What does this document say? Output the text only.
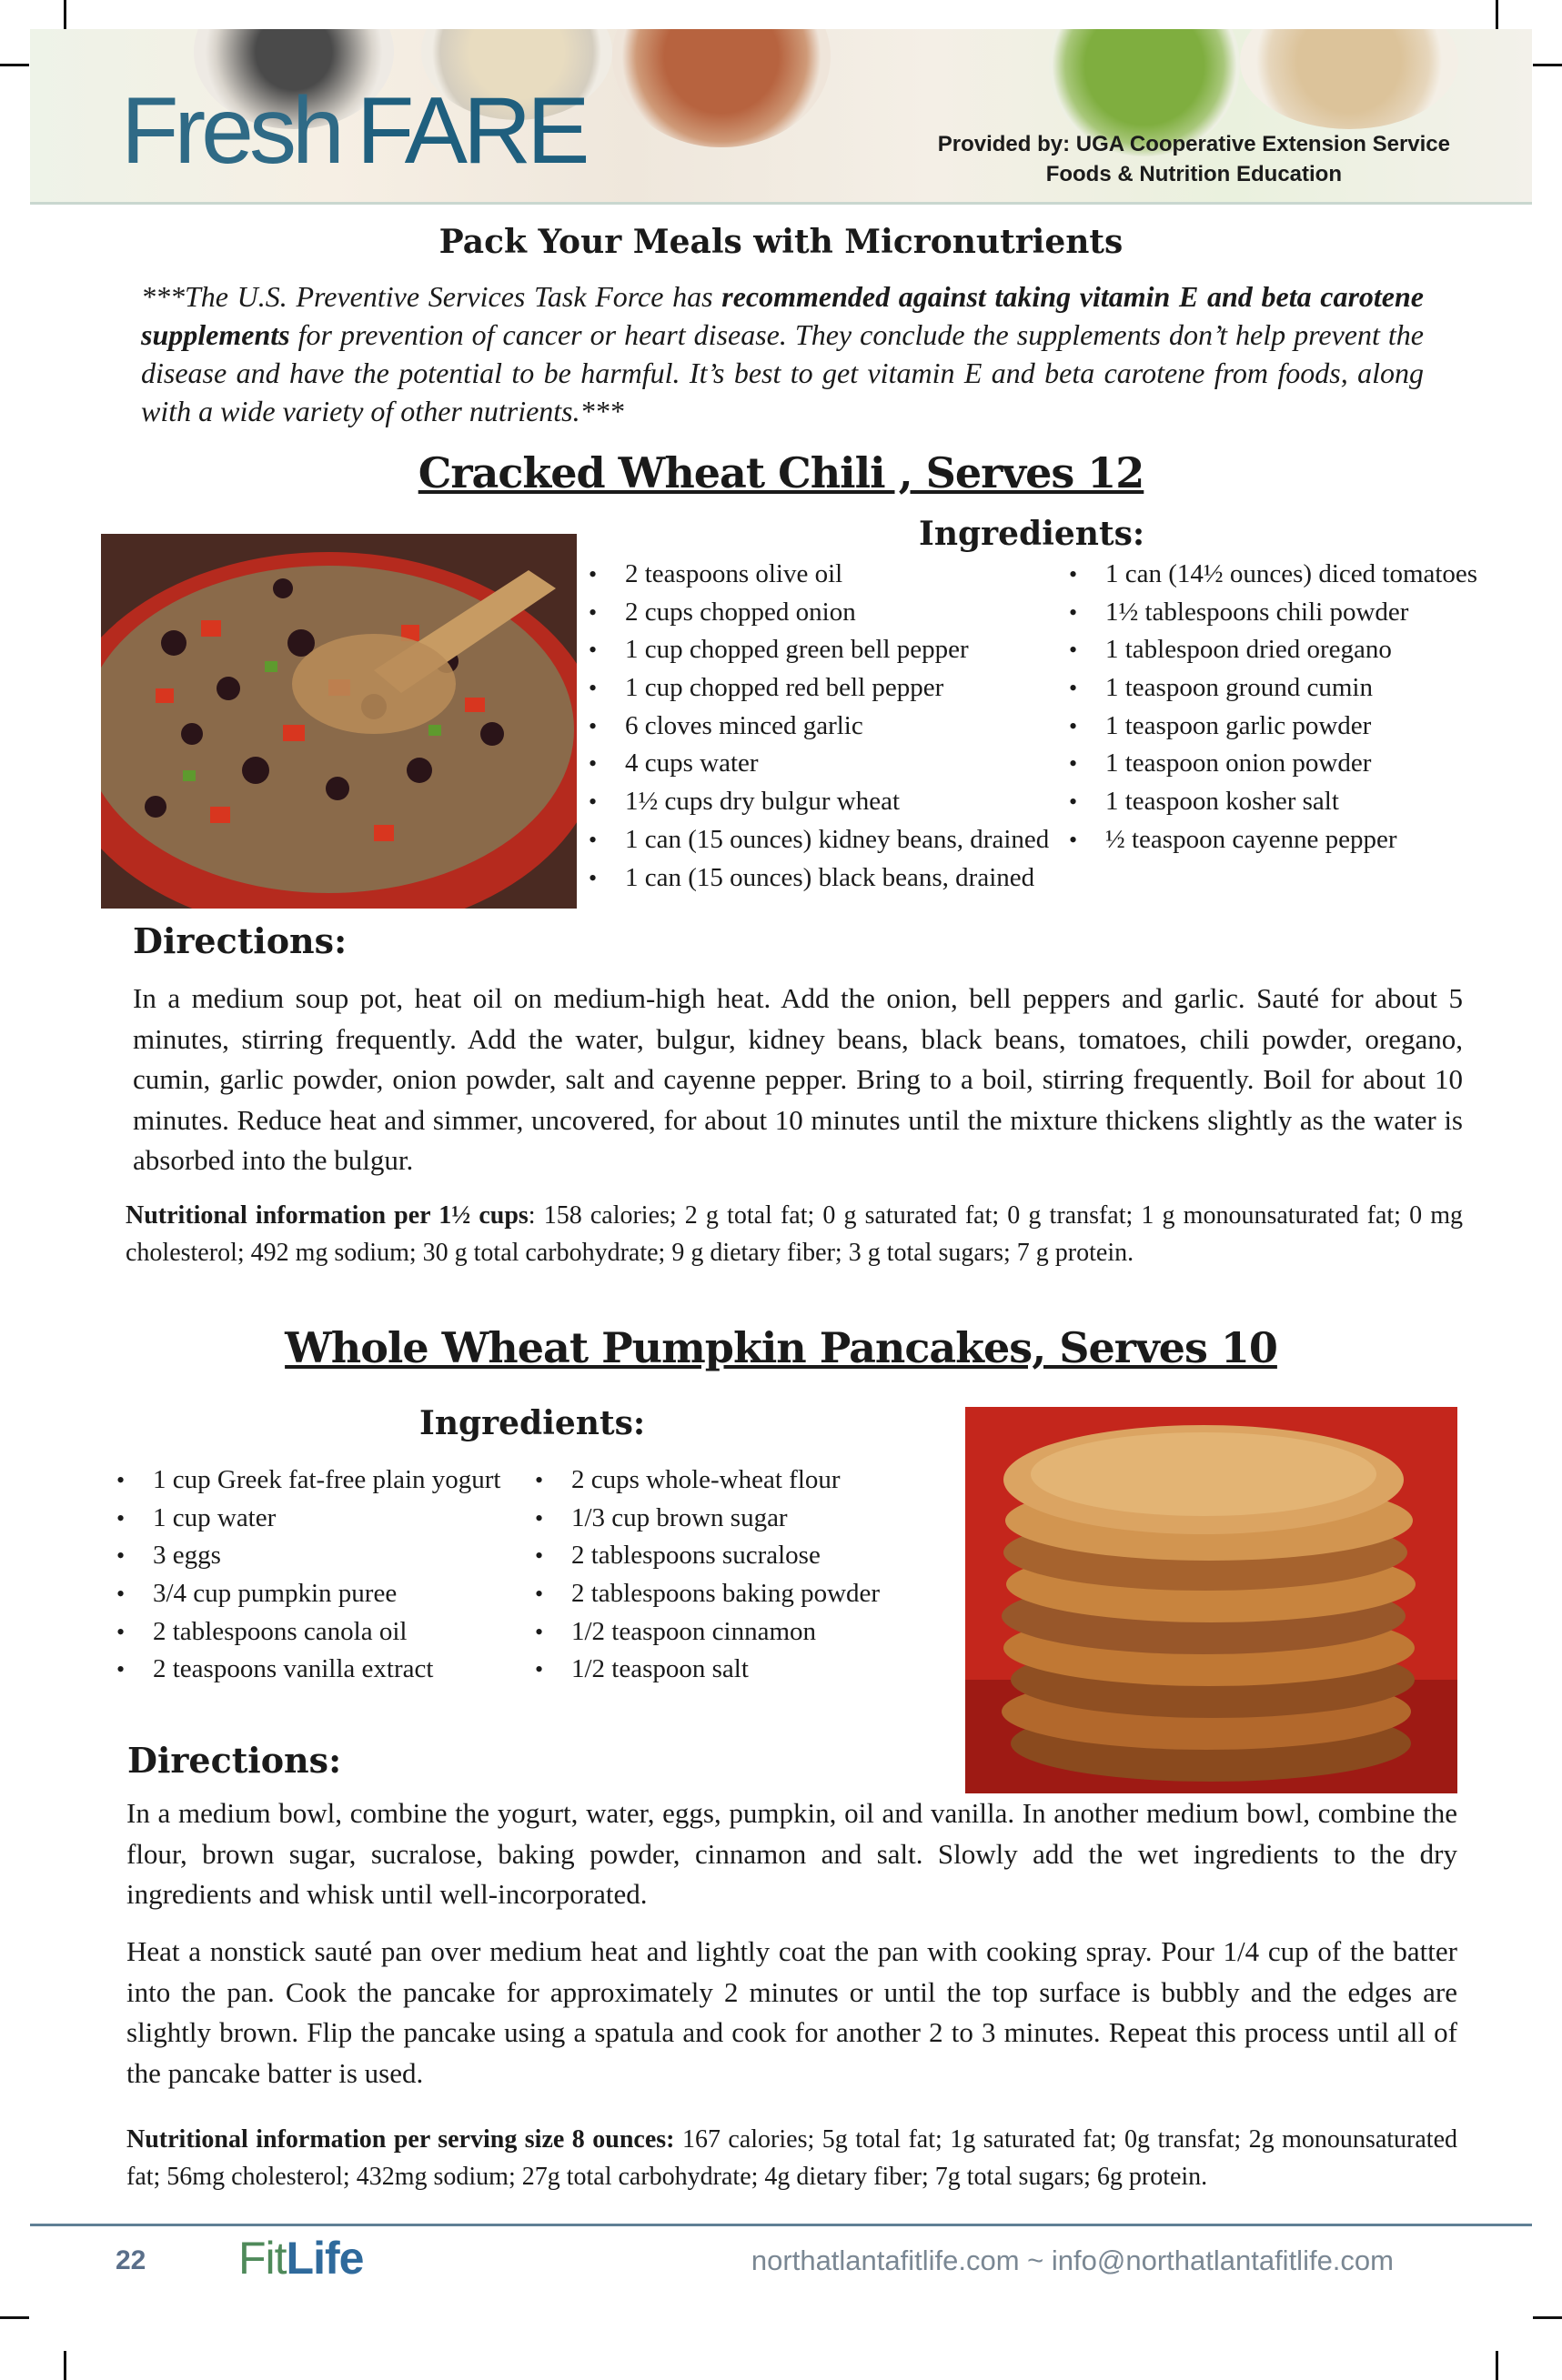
Fresh FARE	Provided by: UGA Cooperative Extension Service
Foods & Nutrition Education
Pack Your Meals with Micronutrients

***The U.S. Preventive Services Task Force has recommended against taking vitamin E and beta carotene supplements for prevention of cancer or heart disease. They conclude the supplements don’t help prevent the disease and have the potential to be harmful. It’s best to get vitamin E and beta carotene from foods, along with a wide variety of other nutrients.***

Cracked Wheat Chili , Serves 12
Ingredients:
• 2 teaspoons olive oil
• 2 cups chopped onion
• 1 cup chopped green bell pepper
• 1 cup chopped red bell pepper
• 6 cloves minced garlic
• 4 cups water
• 1½ cups dry bulgur wheat
• 1 can (15 ounces) kidney beans, drained
• 1 can (15 ounces) black beans, drained
• 1 can (14½ ounces) diced tomatoes
• 1½ tablespoons chili powder
• 1 tablespoon dried oregano
• 1 teaspoon ground cumin
• 1 teaspoon garlic powder
• 1 teaspoon onion powder
• 1 teaspoon kosher salt
• ½ teaspoon cayenne pepper
Directions:

In a medium soup pot, heat oil on medium-high heat. Add the onion, bell peppers and garlic. Sauté for about 5 minutes, stirring frequently. Add the water, bulgur, kidney beans, black beans, tomatoes, chili powder, oregano, cumin, garlic powder, onion powder, salt and cayenne pepper. Bring to a boil, stirring frequently. Boil for about 10 minutes. Reduce heat and simmer, uncovered, for about 10 minutes until the mixture thickens slightly as the water is absorbed into the bulgur.

Nutritional information per 1½ cups: 158 calories; 2 g total fat; 0 g saturated fat; 0 g transfat; 1 g monounsaturated fat; 0 mg cholesterol; 492 mg sodium; 30 g total carbohydrate; 9 g dietary fiber; 3 g total sugars; 7 g protein.

Whole Wheat Pumpkin Pancakes, Serves 10
Ingredients:
• 1 cup Greek fat-free plain yogurt
• 1 cup water
• 3 eggs
• 3/4 cup pumpkin puree
• 2 tablespoons canola oil
• 2 teaspoons vanilla extract
• 2 cups whole-wheat flour
• 1/3 cup brown sugar
• 2 tablespoons sucralose
• 2 tablespoons baking powder
• 1/2 teaspoon cinnamon
• 1/2 teaspoon salt
Directions:

In a medium bowl, combine the yogurt, water, eggs, pumpkin, oil and vanilla. In another medium bowl, combine the flour, brown sugar, sucralose, baking powder, cinnamon and salt. Slowly add the wet ingredients to the dry ingredients and whisk until well-incorporated.

Heat a nonstick sauté pan over medium heat and lightly coat the pan with cooking spray. Pour 1/4 cup of the batter into the pan. Cook the pancake for approximately 2 minutes or until the top surface is bubbly and the edges are slightly brown. Flip the pancake using a spatula and cook for another 2 to 3 minutes. Repeat this process until all of the pancake batter is used.

Nutritional information per serving size 8 ounces: 167 calories; 5g total fat; 1g saturated fat; 0g transfat; 2g monounsaturated fat; 56mg cholesterol; 432mg sodium; 27g total carbohydrate; 4g dietary fiber; 7g total sugars; 6g protein.

22 FitLife	northatlantafitlife.com ~ info@northatlantafitlife.com
